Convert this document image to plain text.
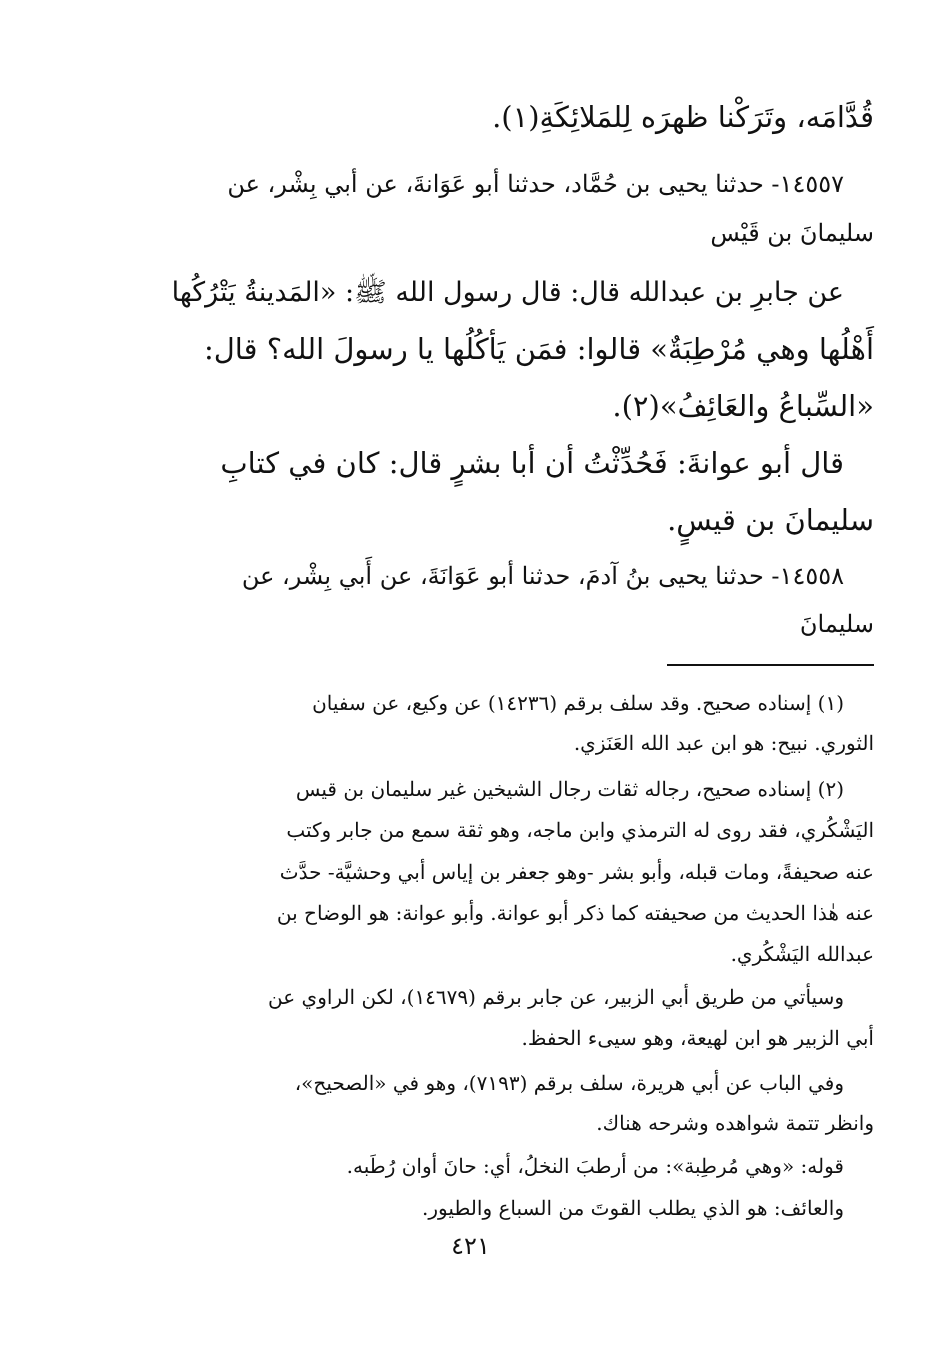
قُدَّامَه، وتَرَكْنا ظهرَه لِلمَلائِكَةِ(١).
١٤٥٥٧- حدثنا يحيى بن حُمَّاد، حدثنا أبو عَوَانةَ، عن أبي بِشْر، عن
سليمانَ بن قَيْس
عن جابرِ بن عبدالله قال: قال رسول الله ﷺ: «المَدينةُ يَتْرُكُها
أَهْلُها وهي مُرْطِبَةٌ» قالوا: فمَن يَأكُلُها يا رسولَ الله؟ قال:
«السِّباعُ والعَائِفُ»(٢).
قال أبو عوانةَ: فَحُدِّثْتُ أن أبا بشرٍ قال: كان في كتابِ
سليمانَ بن قيسٍ.
١٤٥٥٨- حدثنا يحيى بنُ آدمَ، حدثنا أبو عَوَانَةَ، عن أَبي بِشْر، عن
سليمانَ
(١) إسناده صحيح. وقد سلف برقم (١٤٢٣٦) عن وكيع، عن سفيان
الثوري. نبيح: هو ابن عبد الله العَنَزي.
(٢) إسناده صحيح، رجاله ثقات رجال الشيخين غير سليمان بن قيس
اليَشْكُري، فقد روى له الترمذي وابن ماجه، وهو ثقة سمع من جابر وكتب
عنه صحيفةً، ومات قبله، وأبو بشر -وهو جعفر بن إياس أبي وحشيَّة- حدَّث
عنه هٰذا الحديث من صحيفته كما ذكر أبو عوانة. وأبو عوانة: هو الوضاح بن
عبدالله اليَشْكُري.
وسيأتي من طريق أبي الزبير، عن جابر برقم (١٤٦٧٩)، لكن الراوي عن
أبي الزبير هو ابن لهيعة، وهو سيىء الحفظ.
وفي الباب عن أبي هريرة، سلف برقم (٧١٩٣)، وهو في «الصحيح»،
وانظر تتمة شواهده وشرحه هناك.
قوله: «وهي مُرطِبة»: من أرطبَ النخلُ، أي: حانَ أوان رُطَبه.
والعائف: هو الذي يطلب القوتَ من السباع والطيور.
٤٢١
